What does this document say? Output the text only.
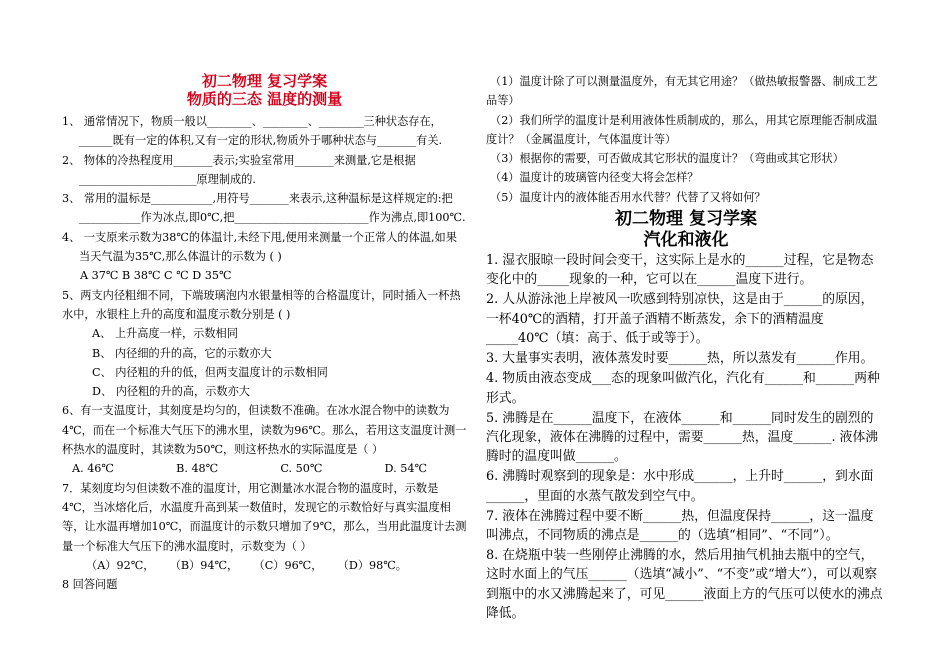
初二物理 复习学案
物质的三态 温度的测量

1、 通常情况下，物质一般以________、________、________三种状态存在，______既有一定的体积,又有一定的形状,物质外于哪种状态与_______有关.

2、 物体的冷热程度用_______表示;实验室常用_______来测量,它是根据_____________________原理制成的.

3、 常用的温标是___________,用符号_______来表示,这种温标是这样规定的:把___________作为冰点,即0℃,把________________________作为沸点,即100℃.

4、 一支原来示数为38℃的体温计,未经下甩,便用来测量一个正常人的体温,如果当天气温为35℃,那么体温计的示数为 ( )

A 37℃ B 38℃ C ℃ D 35℃

5、两支内径粗细不同，下端玻璃泡内水银量相等的合格温度计，同时插入一杯热水中，水银柱上升的高度和温度示数分别是 ( )

A、 上升高度一样，示数相同

B、 内径细的升的高，它的示数亦大

C、 内径粗的升的低，但两支温度计的示数相同

D、 内径粗的升的高，示数亦大

6、有一支温度计，其刻度是均匀的，但读数不准确。在冰水混合物中的读数为4℃，而在一个标准大气压下的沸水里，读数为96℃。那么，若用这支温度计测一杯热水的温度时，其读数为50℃，则这杯热水的实际温度是（ ）

A. 46℃	B. 48℃	C. 50℃	D. 54℃

7．某刻度均匀但读数不准的温度计，用它测量冰水混合物的温度时，示数是4℃，当冰熔化后，水温度升高到某一数值时，发现它的示数恰好与真实温度相等，让水温再增加10℃，而温度计的示数只增加了9℃，那么，当用此温度计去测量一个标准大气压下的沸水温度时，示数变为（ ）

（A）92℃， （B）94℃， （C）96℃， （D）98℃。

8 回答问题

（1）温度计除了可以测量温度外，有无其它用途？（做热敏报警器、制成工艺品等）

（2）我们所学的温度计是利用液体性质制成的，那么，用其它原理能否制成温度计？（金属温度计，气体温度计等）

（3）根据你的需要，可否做成其它形状的温度计？（弯曲或其它形状）

（4）温度计的玻璃管内径变大将会怎样？

（5）温度计内的液体能否用水代替？代替了又将如何？

初二物理 复习学案
汽化和液化

1. 湿衣服晾一段时间会变干，这实际上是水的______过程，它是物态变化中的_____现象的一种，它可以在______温度下进行。

2. 人从游泳池上岸被风一吹感到特别凉快，这是由于______的原因，一杯40℃的酒精，打开盖子酒精不断蒸发，余下的酒精温度_____40℃（填：高于、低于或等于）。

3. 大量事实表明，液体蒸发时要______热，所以蒸发有______作用。

4. 物质由液态变成___态的现象叫做汽化，汽化有______和______两种形式。

5. 沸腾是在______温度下，在液体______和______同时发生的剧烈的汽化现象，液体在沸腾的过程中，需要______热，温度______. 液体沸腾时的温度叫做______。

6. 沸腾时观察到的现象是：水中形成______，上升时______，到水面______，里面的水蒸气散发到空气中。

7. 液体在沸腾过程中要不断______热，但温度保持______，这一温度叫沸点，不同物质的沸点是______的（选填“相同”、“不同”）。

8. 在烧瓶中装一些刚停止沸腾的水，然后用抽气机抽去瓶中的空气，这时水面上的气压______（选填“减小”、“不变”或“增大”），可以观察到瓶中的水又沸腾起来了，可见______液面上方的气压可以使水的沸点降低。
